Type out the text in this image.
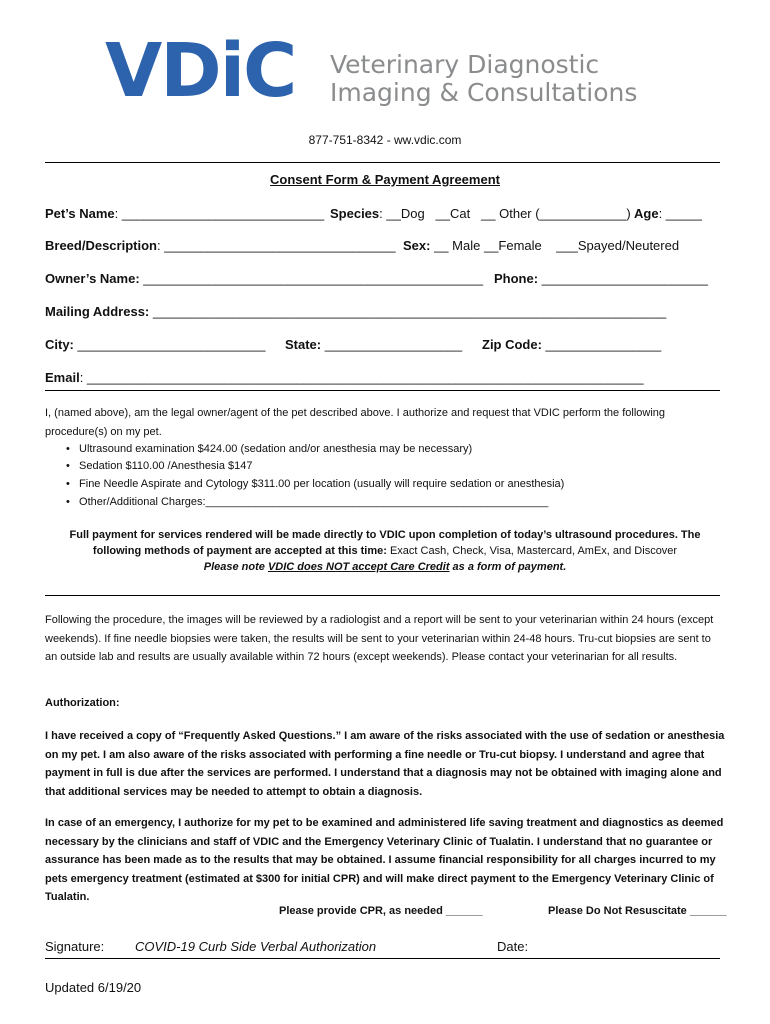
VDiC Veterinary Diagnostic
Imaging & Consultations
877-751-8342 - ww.vdic.com
Consent Form & Payment Agreement
Pet’s Name: ____________________________ Species: __Dog   __Cat   __ Other (____________) Age: _____
Breed/Description: ________________________________ Sex: __ Male __Female    ___Spayed/Neutered
Owner’s Name: _______________________________________________ Phone: _______________________
Mailing Address: _______________________________________________________________________
City: __________________________ State: ___________________ Zip Code: ________________
Email: _____________________________________________________________________________
I, (named above), am the legal owner/agent of the pet described above. I authorize and request that VDIC perform the following procedure(s) on my pet.
•   Ultrasound examination $424.00 (sedation and/or anesthesia may be necessary)
•   Sedation $110.00 /Anesthesia $147
•   Fine Needle Aspirate and Cytology $311.00 per location (usually will require sedation or anesthesia)
•   Other/Additional Charges:________________________________________________________
Full payment for services rendered will be made directly to VDIC upon completion of today’s ultrasound procedures. The
following methods of payment are accepted at this time: Exact Cash, Check, Visa, Mastercard, AmEx, and Discover
Please note VDIC does NOT accept Care Credit as a form of payment.
Following the procedure, the images will be reviewed by a radiologist and a report will be sent to your veterinarian within 24 hours (except weekends). If fine needle biopsies were taken, the results will be sent to your veterinarian within 24-48 hours. Tru-cut biopsies are sent to an outside lab and results are usually available within 72 hours (except weekends). Please contact your veterinarian for all results.
Authorization:
I have received a copy of “Frequently Asked Questions.” I am aware of the risks associated with the use of sedation or anesthesia on my pet. I am also aware of the risks associated with performing a fine needle or Tru-cut biopsy. I understand and agree that payment in full is due after the services are performed. I understand that a diagnosis may not be obtained with imaging alone and that additional services may be needed to attempt to obtain a diagnosis.
In case of an emergency, I authorize for my pet to be examined and administered life saving treatment and diagnostics as deemed necessary by the clinicians and staff of VDIC and the Emergency Veterinary Clinic of Tualatin. I understand that no guarantee or assurance has been made as to the results that may be obtained. I assume financial responsibility for all charges incurred to my pets emergency treatment (estimated at $300 for initial CPR) and will make direct payment to the Emergency Veterinary Clinic of Tualatin.
Please provide CPR, as needed ______	Please Do Not Resuscitate ______
Signature: COVID-19 Curb Side Verbal Authorization	Date:
Updated 6/19/20
